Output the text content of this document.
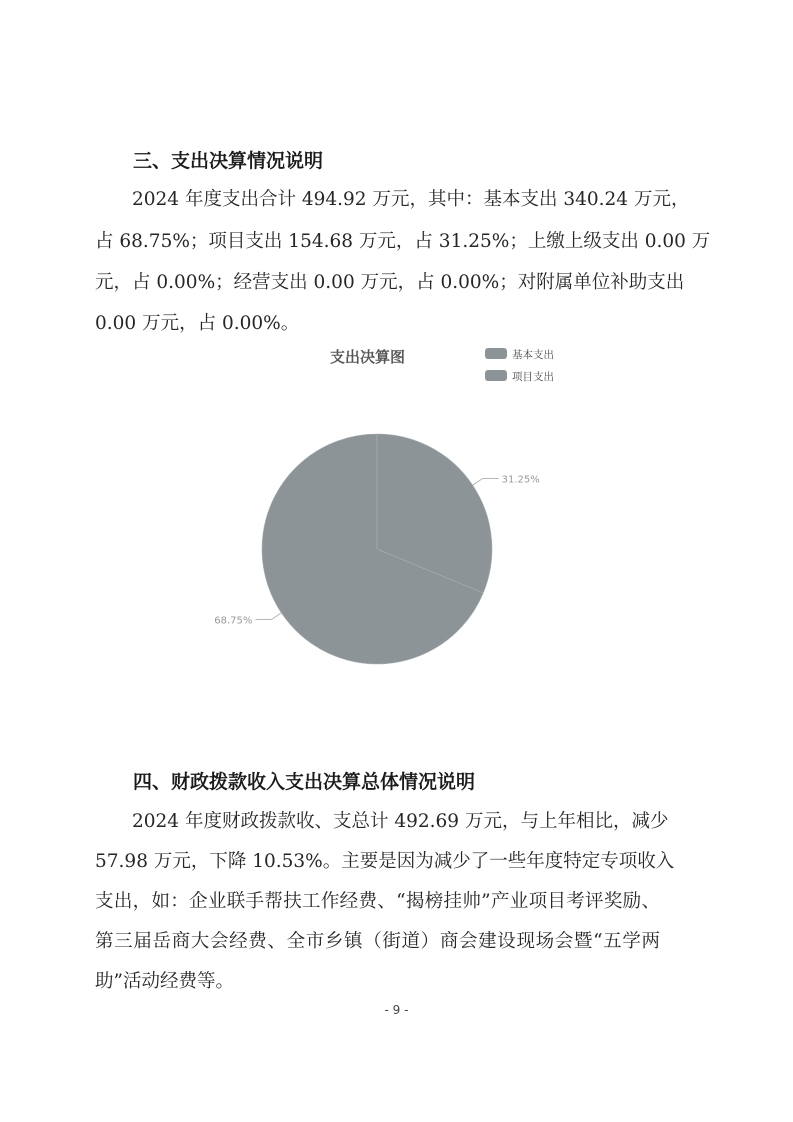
三、支出决算情况说明

2024 年度支出合计 494.92 万元，其中：基本支出 340.24 万元，

占 68.75%；项目支出 154.68 万元，占 31.25%；上缴上级支出 0.00 万

元，占 0.00%；经营支出 0.00 万元，占 0.00%；对附属单位补助支出

0.00 万元，占 0.00%。

支出决算图	基本支出
项目支出
68.75%
31.25%
四、财政拨款收入支出决算总体情况说明

2024 年度财政拨款收、支总计 492.69 万元，与上年相比，减少

57.98 万元，下降 10.53%。主要是因为减少了一些年度特定专项收入

支出，如：企业联手帮扶工作经费、“揭榜挂帅”产业项目考评奖励、

第三届岳商大会经费、全市乡镇（街道）商会建设现场会暨“五学两

助”活动经费等。

- 9 -
